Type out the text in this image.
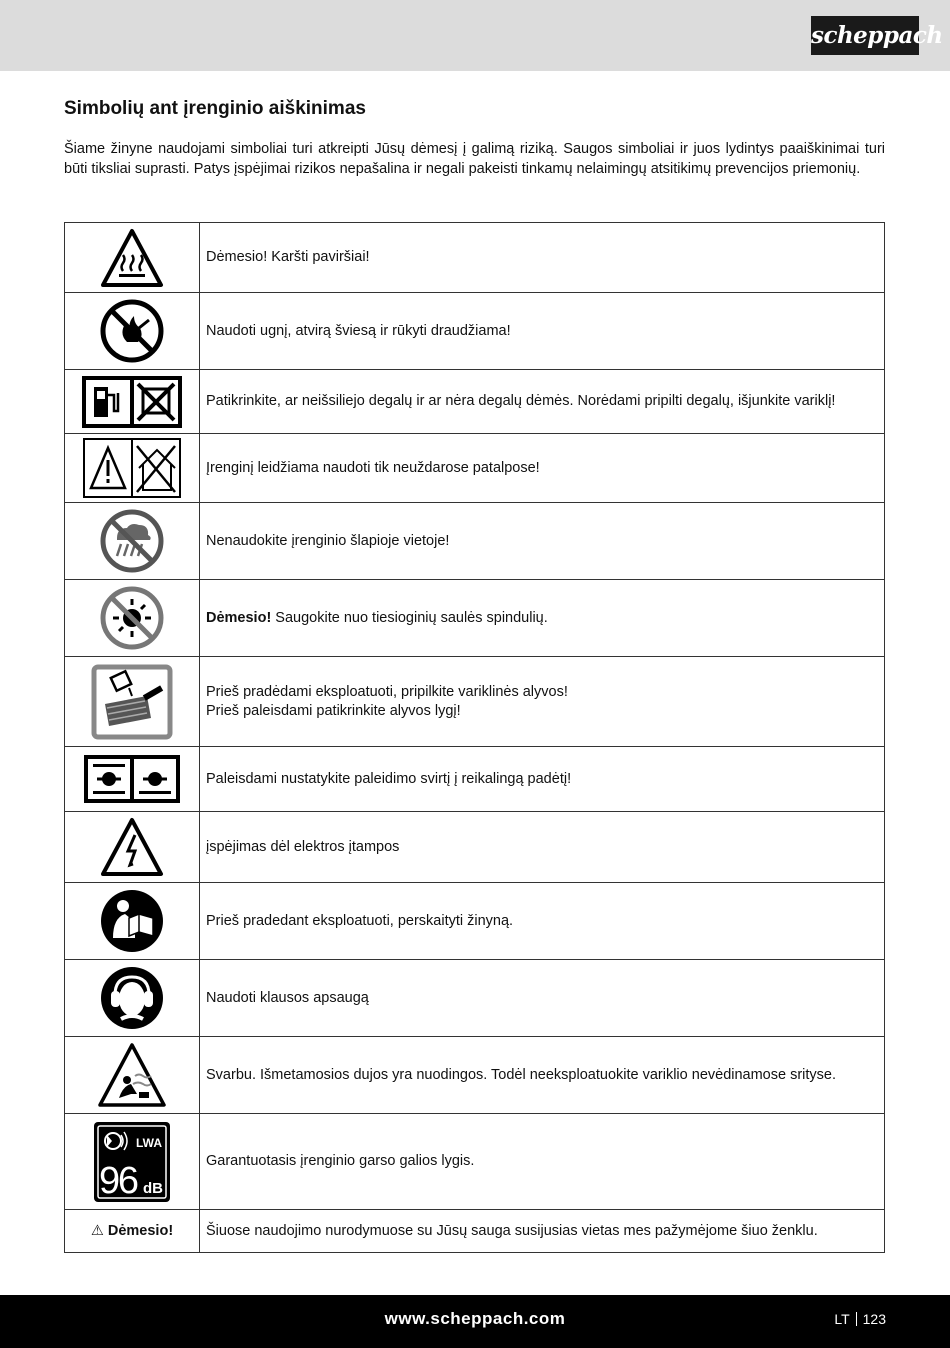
scheppach
Simbolių ant įrenginio aiškinimas

Šiame žinyne naudojami simboliai turi atkreipti Jūsų dėmesį į galimą riziką. Saugos simboliai ir juos lydintys paaiškinimai turi būti tiksliai suprasti. Patys įspėjimai rizikos nepašalina ir negali pakeisti tinkamų nelaimingų atsitikimų prevencijos priemonių.

	Dėmesio! Karšti paviršiai!

	Naudoti ugnį, atvirą šviesą ir rūkyti draudžiama!

	Patikrinkite, ar neišsiliejo degalų ir ar nėra degalų dėmės. Norėdami pripilti degalų, išjunkite variklį!

	Įrenginį leidžiama naudoti tik neuždarose patalpose!

	Nenaudokite įrenginio šlapioje vietoje!

	Dėmesio! Saugokite nuo tiesioginių saulės spindulių.

	Prieš pradėdami eksploatuoti, pripilkite variklinės alyvos!
Prieš paleisdami patikrinkite alyvos lygį!

	Paleisdami nustatykite paleidimo svirtį į reikalingą padėtį!

	įspėjimas dėl elektros įtampos

	Prieš pradedant eksploatuoti, perskaityti žinyną.

	Naudoti klausos apsaugą

	Svarbu. Išmetamosios dujos yra nuodingos. Todėl neeksploatuokite variklio nevėdinamose srityse.

LWA
96 dB	Garantuotasis įrenginio garso galios lygis.
⚠ Dėmesio!	Šiuose naudojimo nurodymuose su Jūsų sauga susijusias vietas mes pažymėjome šiuo ženklu.
www.scheppach.com	LT 123
